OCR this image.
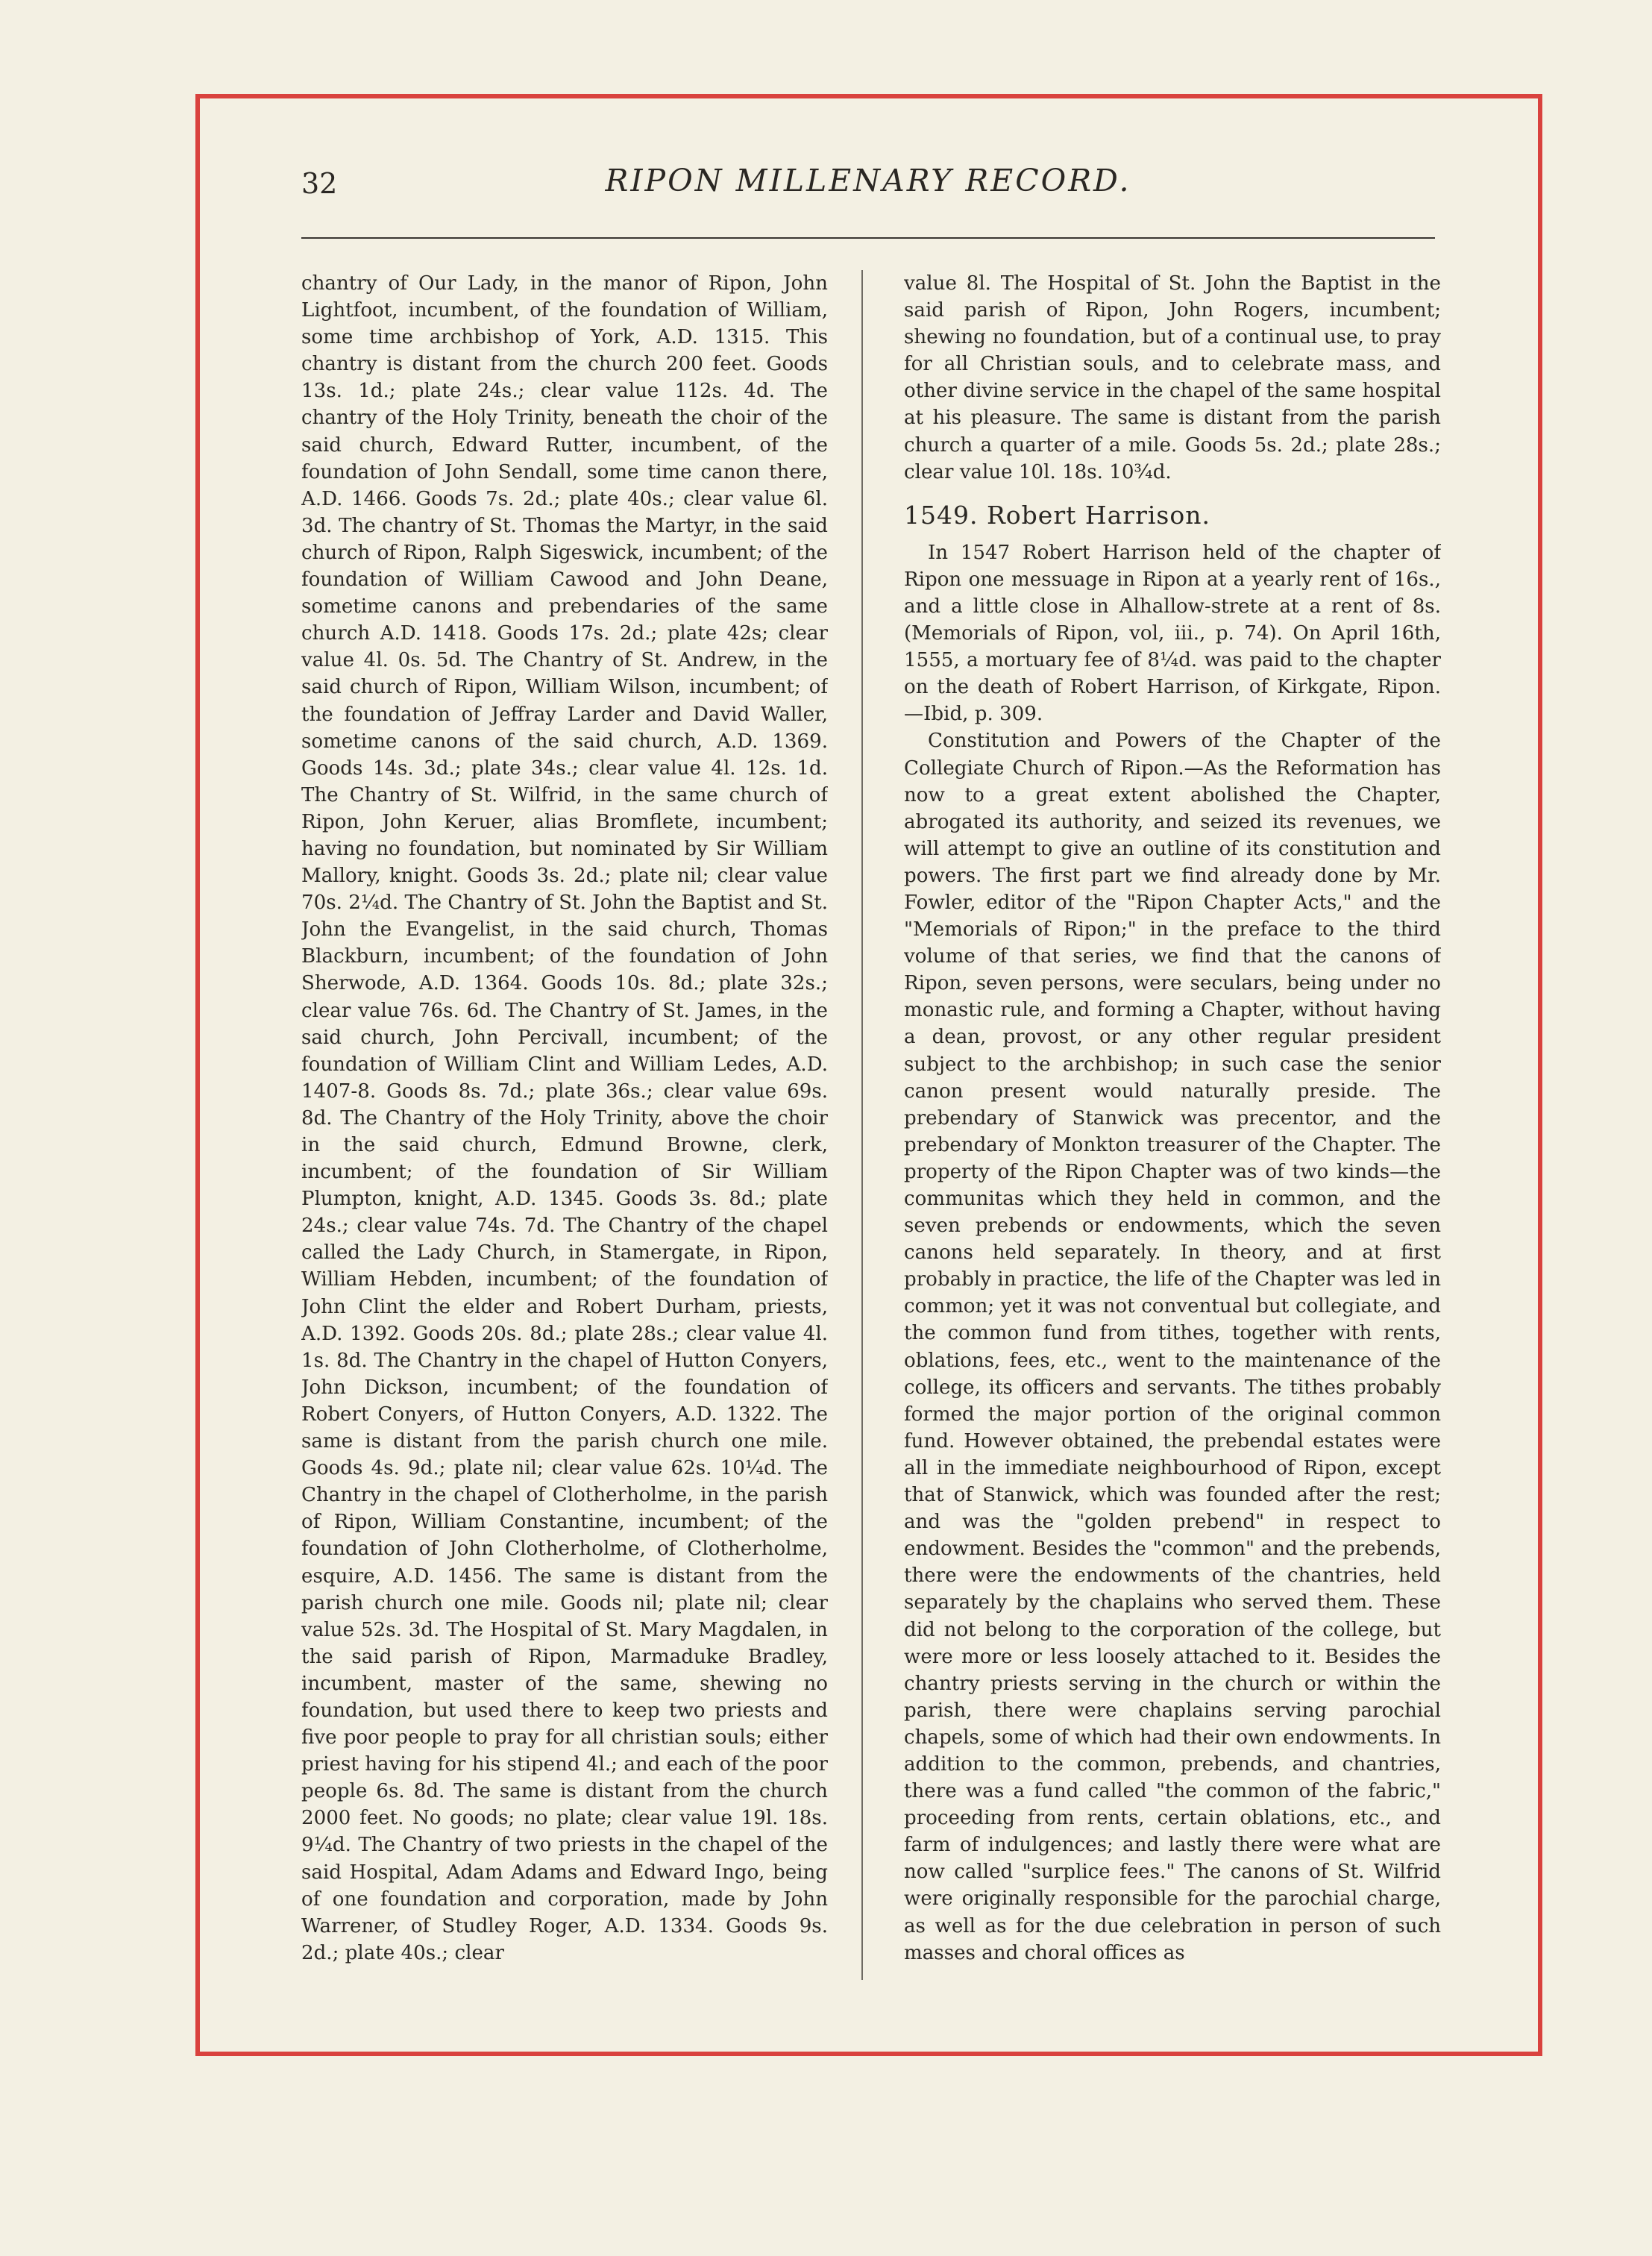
32	RIPON MILLENARY RECORD.

chantry of Our Lady, in the manor of Ripon, John Lightfoot, incumbent, of the foundation of William, some time archbishop of York, A.D. 1315. This chantry is distant from the church 200 feet. Goods 13s. 1d.; plate 24s.; clear value 112s. 4d. The chantry of the Holy Trinity, beneath the choir of the said church, Edward Rutter, incumbent, of the foundation of John Sendall, some time canon there, A.D. 1466. Goods 7s. 2d.; plate 40s.; clear value 6l. 3d. The chantry of St. Thomas the Martyr, in the said church of Ripon, Ralph Sigeswick, incumbent; of the foundation of William Cawood and John Deane, sometime canons and prebendaries of the same church A.D. 1418. Goods 17s. 2d.; plate 42s; clear value 4l. 0s. 5d. The Chantry of St. Andrew, in the said church of Ripon, William Wilson, incumbent; of the foundation of Jeffray Larder and David Waller, sometime canons of the said church, A.D. 1369. Goods 14s. 3d.; plate 34s.; clear value 4l. 12s. 1d. The Chantry of St. Wilfrid, in the same church of Ripon, John Keruer, alias Bromflete, incumbent; having no foundation, but nominated by Sir William Mallory, knight. Goods 3s. 2d.; plate nil; clear value 70s. 2¼d. The Chantry of St. John the Baptist and St. John the Evangelist, in the said church, Thomas Blackburn, incumbent; of the foundation of John Sherwode, A.D. 1364. Goods 10s. 8d.; plate 32s.; clear value 76s. 6d. The Chantry of St. James, in the said church, John Percivall, incumbent; of the foundation of William Clint and William Ledes, A.D. 1407-8. Goods 8s. 7d.; plate 36s.; clear value 69s. 8d. The Chantry of the Holy Trinity, above the choir in the said church, Edmund Browne, clerk, incumbent; of the foundation of Sir William Plumpton, knight, A.D. 1345. Goods 3s. 8d.; plate 24s.; clear value 74s. 7d. The Chantry of the chapel called the Lady Church, in Stamergate, in Ripon, William Hebden, incumbent; of the foundation of John Clint the elder and Robert Durham, priests, A.D. 1392. Goods 20s. 8d.; plate 28s.; clear value 4l. 1s. 8d. The Chantry in the chapel of Hutton Conyers, John Dickson, incumbent; of the foundation of Robert Conyers, of Hutton Conyers, A.D. 1322. The same is distant from the parish church one mile. Goods 4s. 9d.; plate nil; clear value 62s. 10¼d. The Chantry in the chapel of Clotherholme, in the parish of Ripon, William Constantine, incumbent; of the foundation of John Clotherholme, of Clotherholme, esquire, A.D. 1456. The same is distant from the parish church one mile. Goods nil; plate nil; clear value 52s. 3d. The Hospital of St. Mary Magdalen, in the said parish of Ripon, Marmaduke Bradley, incumbent, master of the same, shewing no foundation, but used there to keep two priests and five poor people to pray for all christian souls; either priest having for his stipend 4l.; and each of the poor people 6s. 8d. The same is distant from the church 2000 feet. No goods; no plate; clear value 19l. 18s. 9¼d. The Chantry of two priests in the chapel of the said Hospital, Adam Adams and Edward Ingo, being of one foundation and corporation, made by John Warrener, of Studley Roger, A.D. 1334. Goods 9s. 2d.; plate 40s.; clear

value 8l. The Hospital of St. John the Baptist in the said parish of Ripon, John Rogers, incumbent; shewing no foundation, but of a continual use, to pray for all Christian souls, and to celebrate mass, and other divine service in the chapel of the same hospital at his pleasure. The same is distant from the parish church a quarter of a mile. Goods 5s. 2d.; plate 28s.; clear value 10l. 18s. 10¾d.

1549. Robert Harrison.

In 1547 Robert Harrison held of the chapter of Ripon one messuage in Ripon at a yearly rent of 16s., and a little close in Alhallow-strete at a rent of 8s. (Memorials of Ripon, vol, iii., p. 74). On April 16th, 1555, a mortuary fee of 8¼d. was paid to the chapter on the death of Robert Harrison, of Kirkgate, Ripon. —Ibid, p. 309.

Constitution and Powers of the Chapter of the Collegiate Church of Ripon.—As the Reformation has now to a great extent abolished the Chapter, abrogated its authority, and seized its revenues, we will attempt to give an outline of its constitution and powers. The first part we find already done by Mr. Fowler, editor of the "Ripon Chapter Acts," and the "Memorials of Ripon;" in the preface to the third volume of that series, we find that the canons of Ripon, seven persons, were seculars, being under no monastic rule, and forming a Chapter, without having a dean, provost, or any other regular president subject to the archbishop; in such case the senior canon present would naturally preside. The prebendary of Stanwick was precentor, and the prebendary of Monkton treasurer of the Chapter. The property of the Ripon Chapter was of two kinds—the communitas which they held in common, and the seven prebends or endowments, which the seven canons held separately. In theory, and at first probably in practice, the life of the Chapter was led in common; yet it was not conventual but collegiate, and the common fund from tithes, together with rents, oblations, fees, etc., went to the maintenance of the college, its officers and servants. The tithes probably formed the major portion of the original common fund. However obtained, the prebendal estates were all in the immediate neighbourhood of Ripon, except that of Stanwick, which was founded after the rest; and was the "golden prebend" in respect to endowment. Besides the "common" and the prebends, there were the endowments of the chantries, held separately by the chaplains who served them. These did not belong to the corporation of the college, but were more or less loosely attached to it. Besides the chantry priests serving in the church or within the parish, there were chaplains serving parochial chapels, some of which had their own endowments. In addition to the common, prebends, and chantries, there was a fund called "the common of the fabric," proceeding from rents, certain oblations, etc., and farm of indulgences; and lastly there were what are now called "surplice fees." The canons of St. Wilfrid were originally responsible for the parochial charge, as well as for the due celebration in person of such masses and choral offices as
